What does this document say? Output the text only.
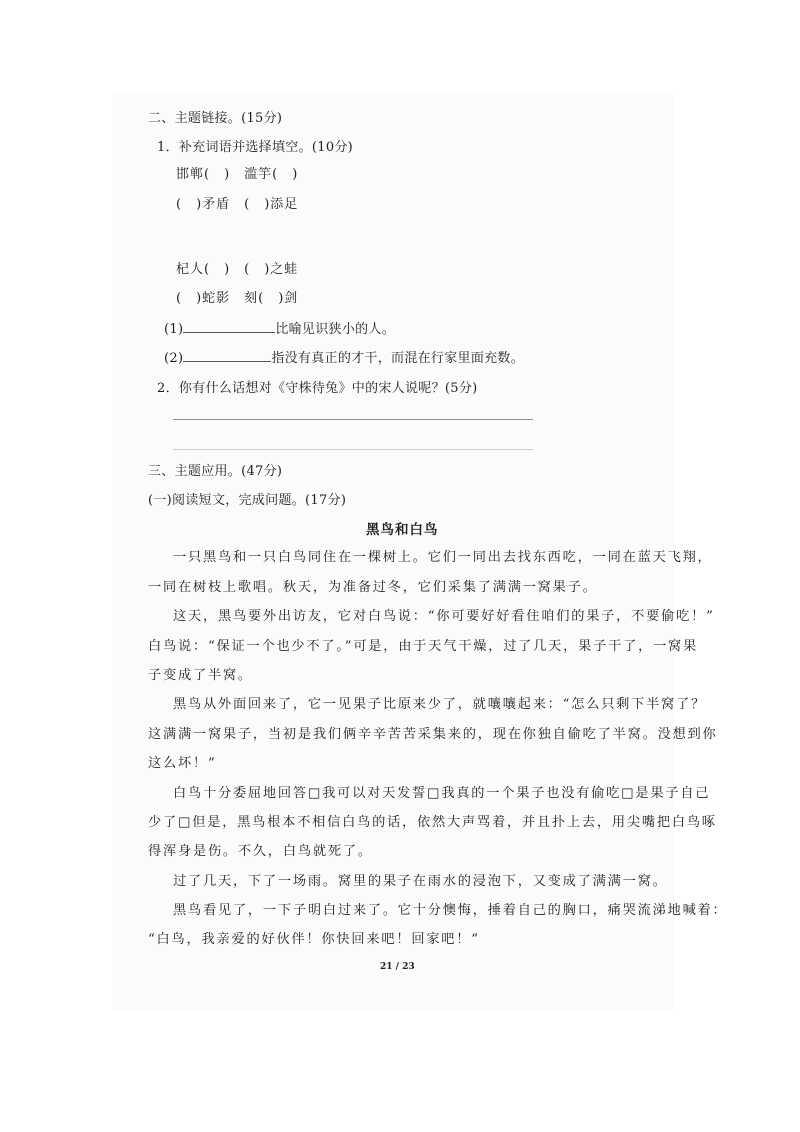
二、主题链接。(15分)
1．补充词语并选择填空。(10分)
邯郸(　)　滥竽(　)
(　)矛盾　(　)添足
杞人(　)　(　)之蛙
(　)蛇影　刻(　)剑
(1)	比喻见识狭小的人。
(2)	指没有真正的才干，而混在行家里面充数。
2．你有什么话想对《守株待兔》中的宋人说呢？(5分)
三、主题应用。(47分)
(一)阅读短文，完成问题。(17分)
黑鸟和白鸟
一只黑鸟和一只白鸟同住在一棵树上。它们一同出去找东西吃，一同在蓝天飞翔，
一同在树枝上歌唱。秋天，为准备过冬，它们采集了满满一窝果子。
这天，黑鸟要外出访友，它对白鸟说：“你可要好好看住咱们的果子，不要偷吃！”
白鸟说：“保证一个也少不了。”可是，由于天气干燥，过了几天，果子干了，一窝果
子变成了半窝。
黑鸟从外面回来了，它一见果子比原来少了，就嚷嚷起来：“怎么只剩下半窝了？
这满满一窝果子，当初是我们俩辛辛苦苦采集来的，现在你独自偷吃了半窝。没想到你
这么坏！”
白鸟十分委屈地回答□我可以对天发誓□我真的一个果子也没有偷吃□是果子自己
少了□但是，黑鸟根本不相信白鸟的话，依然大声骂着，并且扑上去，用尖嘴把白鸟啄
得浑身是伤。不久，白鸟就死了。
过了几天，下了一场雨。窝里的果子在雨水的浸泡下，又变成了满满一窝。
黑鸟看见了，一下子明白过来了。它十分懊悔，捶着自己的胸口，痛哭流涕地喊着：
“白鸟，我亲爱的好伙伴！你快回来吧！回家吧！”
21 / 23
